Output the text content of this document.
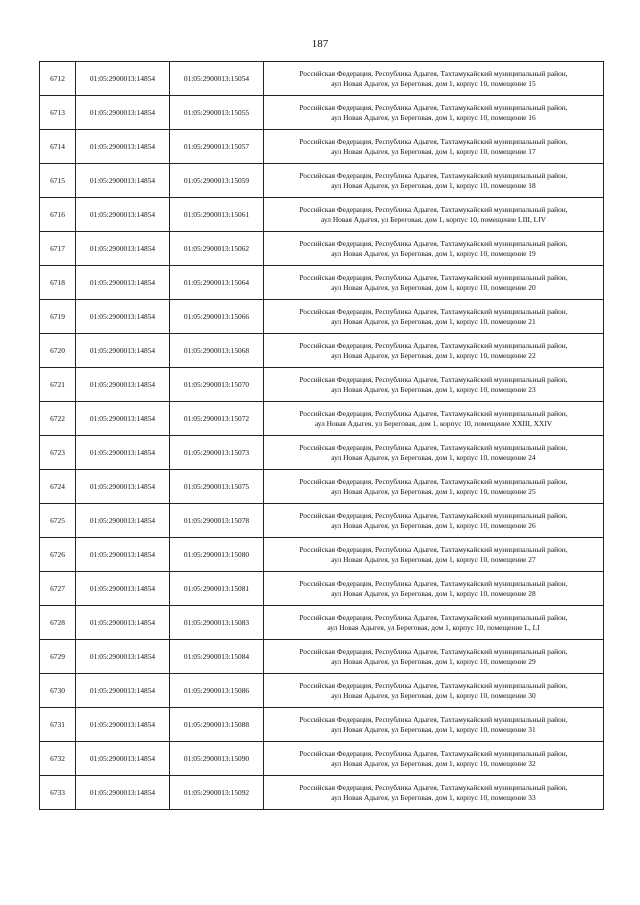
187
6712	01:05:2900013:14854	01:05:2900013:15054	Российская Федерация, Республика Адыгея, Тахтамукайский муниципальный район,
аул Новая Адыгея, ул Береговая, дом 1, корпус 10, помещение 15

6713	01:05:2900013:14854	01:05:2900013:15055	Российская Федерация, Республика Адыгея, Тахтамукайский муниципальный район,
аул Новая Адыгея, ул Береговая, дом 1, корпус 10, помещение 16

6714	01:05:2900013:14854	01:05:2900013:15057	Российская Федерация, Республика Адыгея, Тахтамукайский муниципальный район,
аул Новая Адыгея, ул Береговая, дом 1, корпус 10, помещение 17

6715	01:05:2900013:14854	01:05:2900013:15059	Российская Федерация, Республика Адыгея, Тахтамукайский муниципальный район,
аул Новая Адыгея, ул Береговая, дом 1, корпус 10, помещение 18

6716	01:05:2900013:14854	01:05:2900013:15061	Российская Федерация, Республика Адыгея, Тахтамукайский муниципальный район,
аул Новая Адыгея, ул Береговая, дом 1, корпус 10, помещение LIII, LIV

6717	01:05:2900013:14854	01:05:2900013:15062	Российская Федерация, Республика Адыгея, Тахтамукайский муниципальный район,
аул Новая Адыгея, ул Береговая, дом 1, корпус 10, помещение 19

6718	01:05:2900013:14854	01:05:2900013:15064	Российская Федерация, Республика Адыгея, Тахтамукайский муниципальный район,
аул Новая Адыгея, ул Береговая, дом 1, корпус 10, помещение 20

6719	01:05:2900013:14854	01:05:2900013:15066	Российская Федерация, Республика Адыгея, Тахтамукайский муниципальный район,
аул Новая Адыгея, ул Береговая, дом 1, корпус 10, помещение 21

6720	01:05:2900013:14854	01:05:2900013:15068	Российская Федерация, Республика Адыгея, Тахтамукайский муниципальный район,
аул Новая Адыгея, ул Береговая, дом 1, корпус 10, помещение 22

6721	01:05:2900013:14854	01:05:2900013:15070	Российская Федерация, Республика Адыгея, Тахтамукайский муниципальный район,
аул Новая Адыгея, ул Береговая, дом 1, корпус 10, помещение 23

6722	01:05:2900013:14854	01:05:2900013:15072	Российская Федерация, Республика Адыгея, Тахтамукайский муниципальный район,
аул Новая Адыгея, ул Береговая, дом 1, корпус 10, помещение XXIII, XXIV

6723	01:05:2900013:14854	01:05:2900013:15073	Российская Федерация, Республика Адыгея, Тахтамукайский муниципальный район,
аул Новая Адыгея, ул Береговая, дом 1, корпус 10, помещение 24

6724	01:05:2900013:14854	01:05:2900013:15075	Российская Федерация, Республика Адыгея, Тахтамукайский муниципальный район,
аул Новая Адыгея, ул Береговая, дом 1, корпус 10, помещение 25

6725	01:05:2900013:14854	01:05:2900013:15078	Российская Федерация, Республика Адыгея, Тахтамукайский муниципальный район,
аул Новая Адыгея, ул Береговая, дом 1, корпус 10, помещение 26

6726	01:05:2900013:14854	01:05:2900013:15080	Российская Федерация, Республика Адыгея, Тахтамукайский муниципальный район,
аул Новая Адыгея, ул Береговая, дом 1, корпус 10, помещение 27

6727	01:05:2900013:14854	01:05:2900013:15081	Российская Федерация, Республика Адыгея, Тахтамукайский муниципальный район,
аул Новая Адыгея, ул Береговая, дом 1, корпус 10, помещение 28

6728	01:05:2900013:14854	01:05:2900013:15083	Российская Федерация, Республика Адыгея, Тахтамукайский муниципальный район,
аул Новая Адыгея, ул Береговая, дом 1, корпус 10, помещение L, LI

6729	01:05:2900013:14854	01:05:2900013:15084	Российская Федерация, Республика Адыгея, Тахтамукайский муниципальный район,
аул Новая Адыгея, ул Береговая, дом 1, корпус 10, помещение 29

6730	01:05:2900013:14854	01:05:2900013:15086	Российская Федерация, Республика Адыгея, Тахтамукайский муниципальный район,
аул Новая Адыгея, ул Береговая, дом 1, корпус 10, помещение 30

6731	01:05:2900013:14854	01:05:2900013:15088	Российская Федерация, Республика Адыгея, Тахтамукайский муниципальный район,
аул Новая Адыгея, ул Береговая, дом 1, корпус 10, помещение 31

6732	01:05:2900013:14854	01:05:2900013:15090	Российская Федерация, Республика Адыгея, Тахтамукайский муниципальный район,
аул Новая Адыгея, ул Береговая, дом 1, корпус 10, помещение 32

6733	01:05:2900013:14854	01:05:2900013:15092	Российская Федерация, Республика Адыгея, Тахтамукайский муниципальный район,
аул Новая Адыгея, ул Береговая, дом 1, корпус 10, помещение 33
